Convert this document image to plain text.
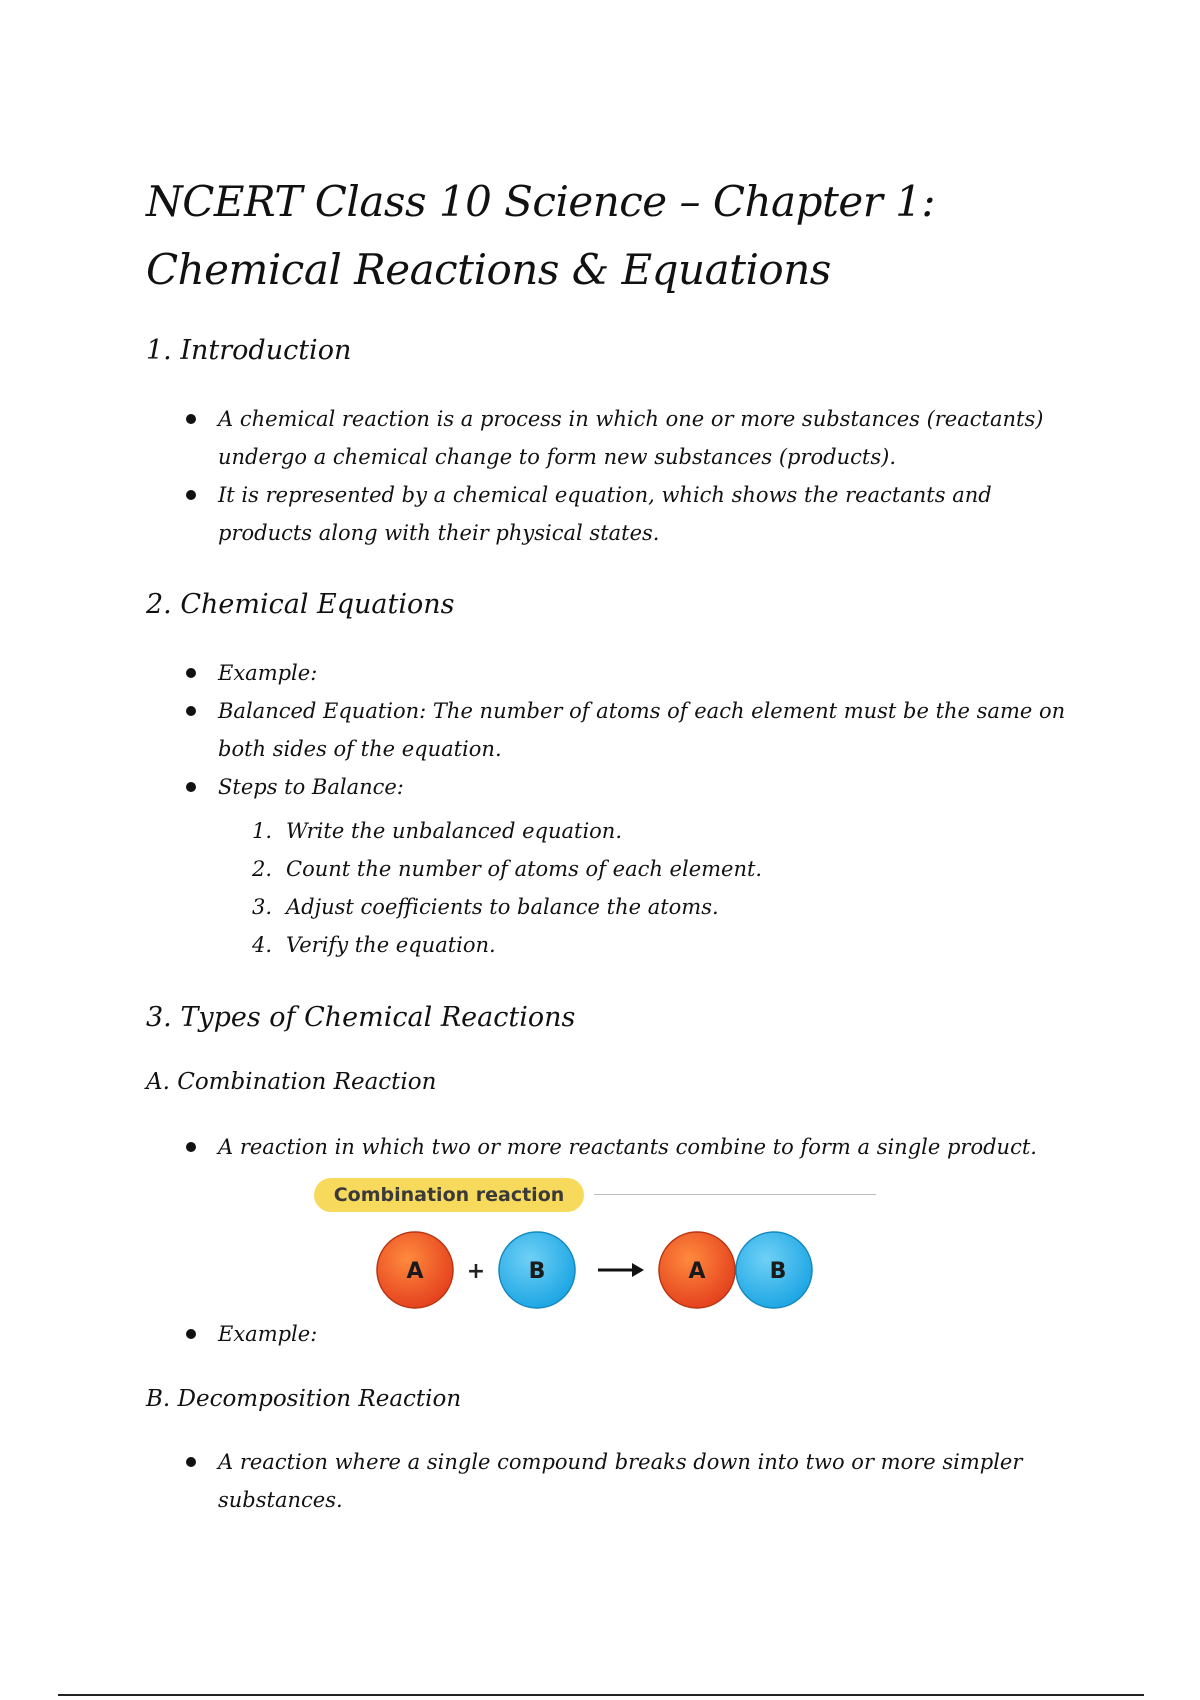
NCERT Class 10 Science – Chapter 1: Chemical Reactions & Equations
1. Introduction
A chemical reaction is a process in which one or more substances (reactants) undergo a chemical change to form new substances (products).
It is represented by a chemical equation, which shows the reactants and products along with their physical states.
2. Chemical Equations
Example:
Balanced Equation: The number of atoms of each element must be the same on both sides of the equation.
Steps to Balance:
1. Write the unbalanced equation.
2. Count the number of atoms of each element.
3. Adjust coefficients to balance the atoms.
4. Verify the equation.
3. Types of Chemical Reactions
A. Combination Reaction
A reaction in which two or more reactants combine to form a single product.
Combination reaction
A + B	A	B
Example:
B. Decomposition Reaction
A reaction where a single compound breaks down into two or more simpler substances.
